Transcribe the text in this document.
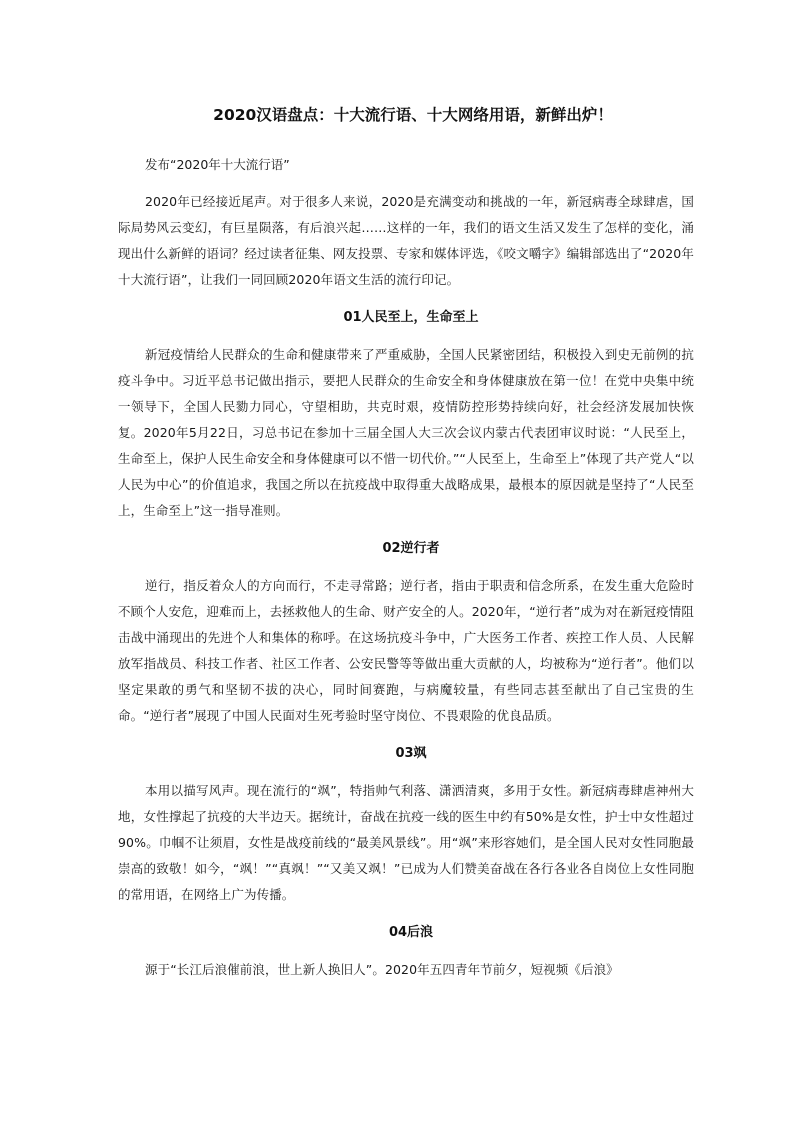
2020汉语盘点：十大流行语、十大网络用语，新鲜出炉！

发布“2020年十大流行语”

2020年已经接近尾声。对于很多人来说，2020是充满变动和挑战的一年，新冠病毒全球肆虐，国际局势风云变幻，有巨星陨落，有后浪兴起……这样的一年，我们的语文生活又发生了怎样的变化，涌现出什么新鲜的语词？经过读者征集、网友投票、专家和媒体评选，《咬文嚼字》编辑部选出了“2020年十大流行语”，让我们一同回顾2020年语文生活的流行印记。

01人民至上，生命至上

新冠疫情给人民群众的生命和健康带来了严重威胁，全国人民紧密团结，积极投入到史无前例的抗疫斗争中。习近平总书记做出指示，要把人民群众的生命安全和身体健康放在第一位！在党中央集中统一领导下，全国人民勠力同心，守望相助，共克时艰，疫情防控形势持续向好，社会经济发展加快恢复。2020年5月22日，习总书记在参加十三届全国人大三次会议内蒙古代表团审议时说：“人民至上，生命至上，保护人民生命安全和身体健康可以不惜一切代价。”“人民至上，生命至上”体现了共产党人“以人民为中心”的价值追求，我国之所以在抗疫战中取得重大战略成果，最根本的原因就是坚持了“人民至上，生命至上”这一指导准则。

02逆行者

逆行，指反着众人的方向而行，不走寻常路；逆行者，指由于职责和信念所系，在发生重大危险时不顾个人安危，迎难而上，去拯救他人的生命、财产安全的人。2020年，“逆行者”成为对在新冠疫情阻击战中涌现出的先进个人和集体的称呼。在这场抗疫斗争中，广大医务工作者、疾控工作人员、人民解放军指战员、科技工作者、社区工作者、公安民警等等做出重大贡献的人，均被称为“逆行者”。他们以坚定果敢的勇气和坚韧不拔的决心，同时间赛跑，与病魔较量，有些同志甚至献出了自己宝贵的生命。“逆行者”展现了中国人民面对生死考验时坚守岗位、不畏艰险的优良品质。

03飒

本用以描写风声。现在流行的“飒”，特指帅气利落、潇洒清爽，多用于女性。新冠病毒肆虐神州大地，女性撑起了抗疫的大半边天。据统计，奋战在抗疫一线的医生中约有50%是女性，护士中女性超过90%。巾帼不让须眉，女性是战疫前线的“最美风景线”。用“飒”来形容她们，是全国人民对女性同胞最崇高的致敬！如今，“飒！”“真飒！”“又美又飒！”已成为人们赞美奋战在各行各业各自岗位上女性同胞的常用语，在网络上广为传播。

04后浪

源于“长江后浪催前浪，世上新人换旧人”。2020年五四青年节前夕，短视频《后浪》
